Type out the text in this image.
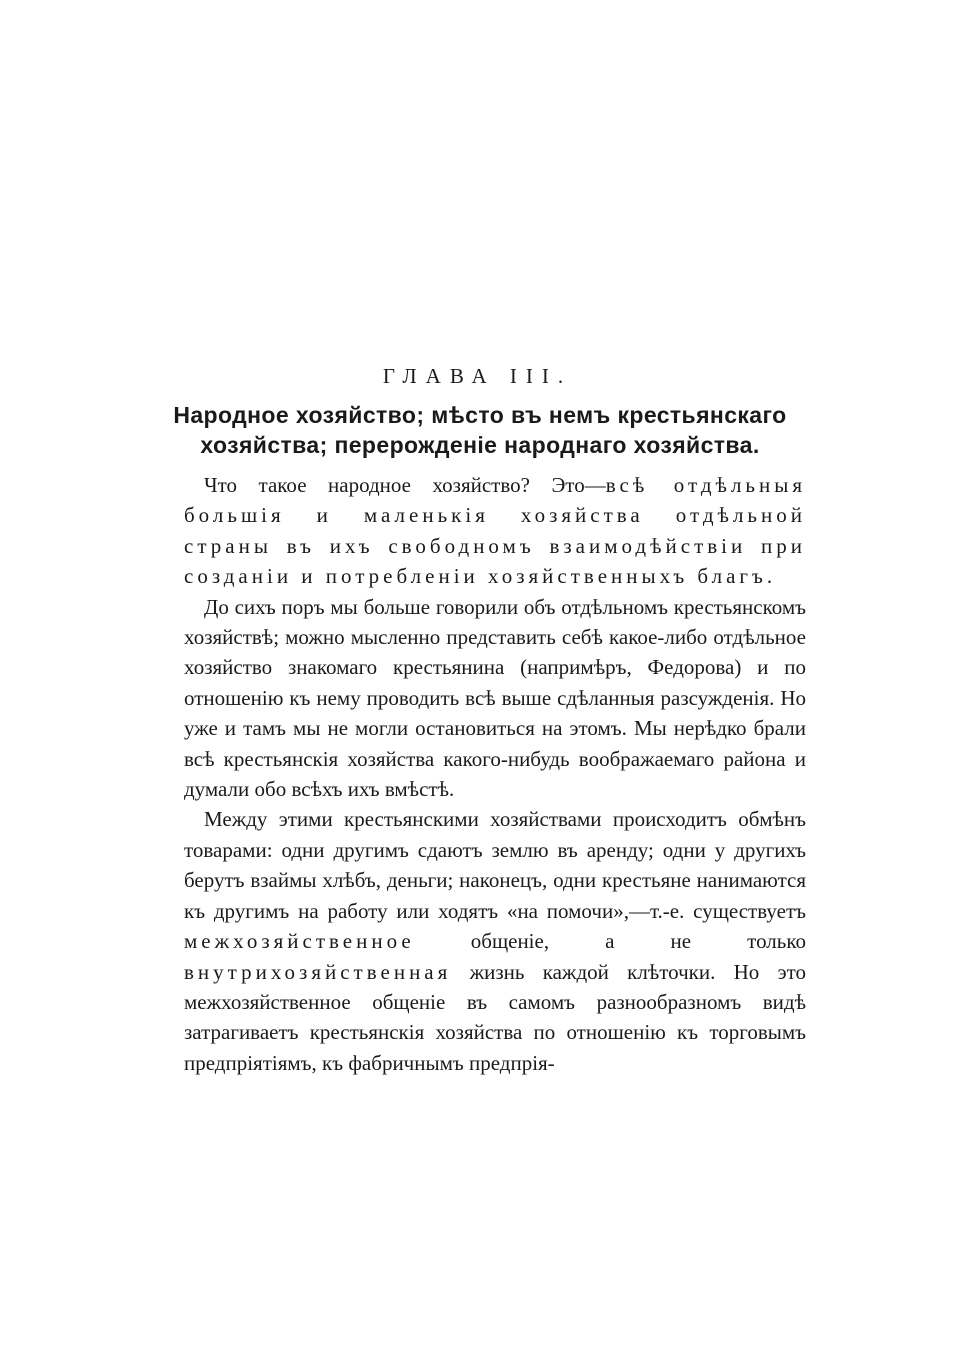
ГЛАВА III.
Народное хозяйство; мѣсто въ немъ крестьянскаго хозяйства; перерожденіе народнаго хозяйства.

Что такое народное хозяйство? Это—всѣ отдѣльныя большія и маленькія хозяйства отдѣльной страны въ ихъ свободномъ взаимодѣйствіи при созданіи и потребленіи хозяйственныхъ благъ.

До сихъ поръ мы больше говорили объ отдѣльномъ крестьянскомъ хозяйствѣ; можно мысленно представить себѣ какое-либо отдѣльное хозяйство знакомаго крестьянина (напримѣръ, Федорова) и по отношенію къ нему проводить всѣ выше сдѣланныя разсужденія. Но уже и тамъ мы не могли остановиться на этомъ. Мы нерѣдко брали всѣ крестьянскія хозяйства какого-нибудь воображаемаго района и думали обо всѣхъ ихъ вмѣстѣ.

Между этими крестьянскими хозяйствами происходитъ обмѣнъ товарами: одни другимъ сдаютъ землю въ аренду; одни у другихъ берутъ взаймы хлѣбъ, деньги; наконецъ, одни крестьяне нанимаются къ другимъ на работу или ходятъ «на помочи»,—т.-е. существуетъ межхозяйственное общеніе, а не только внутрихозяйственная жизнь каждой клѣточки. Но это межхозяйственное общеніе въ самомъ разнообразномъ видѣ затрагиваетъ крестьянскія хозяйства по отношенію къ торговымъ предпріятіямъ, къ фабричнымъ предпрія-
